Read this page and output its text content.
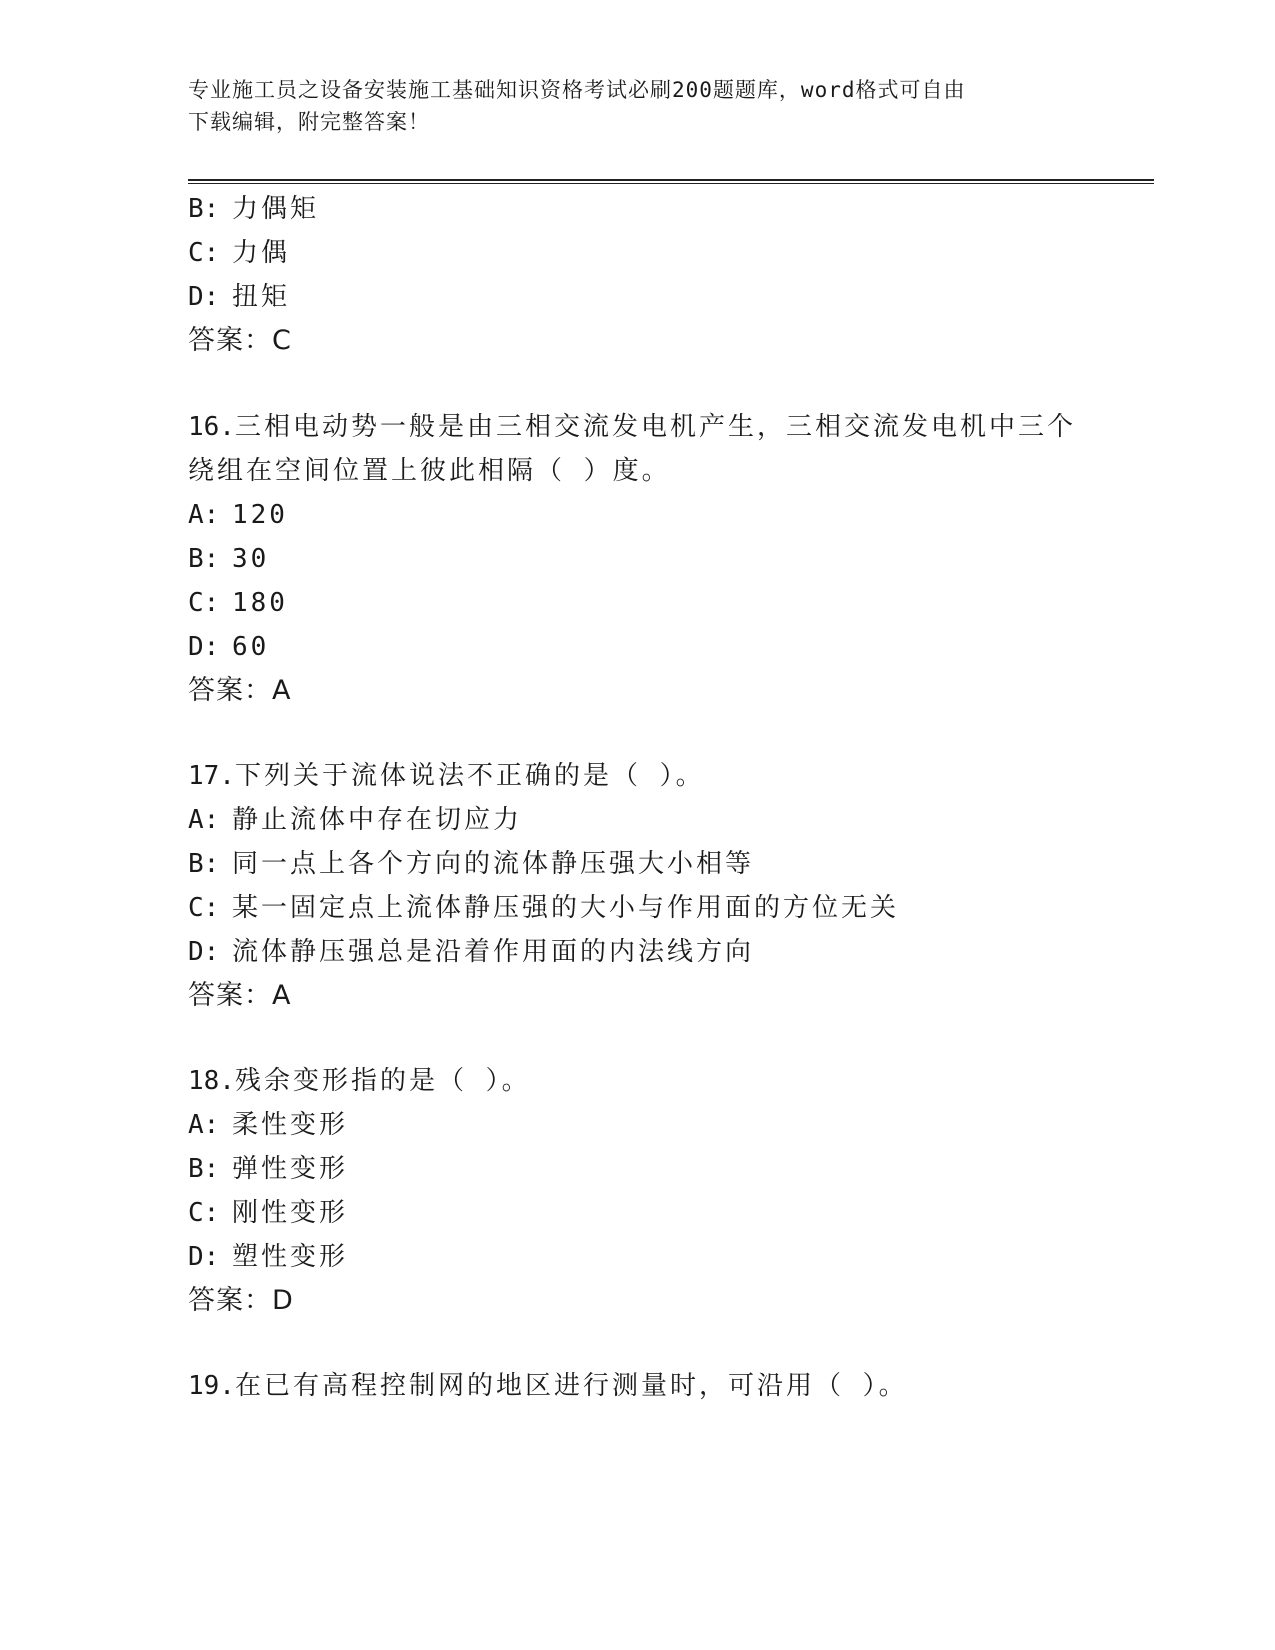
专业施工员之设备安装施工基础知识资格考试必刷200题题库，word格式可自由
下载编辑，附完整答案！
B: 力偶矩
C: 力偶
D: 扭矩
答案：C
16.三相电动势一般是由三相交流发电机产生，三相交流发电机中三个
绕组在空间位置上彼此相隔（ ）度。
A: 120
B: 30
C: 180
D: 60
答案：A
17.下列关于流体说法不正确的是（ ）。
A: 静止流体中存在切应力
B: 同一点上各个方向的流体静压强大小相等
C: 某一固定点上流体静压强的大小与作用面的方位无关
D: 流体静压强总是沿着作用面的内法线方向
答案：A
18.残余变形指的是（ ）。
A: 柔性变形
B: 弹性变形
C: 刚性变形
D: 塑性变形
答案：D
19.在已有高程控制网的地区进行测量时，可沿用（ ）。
